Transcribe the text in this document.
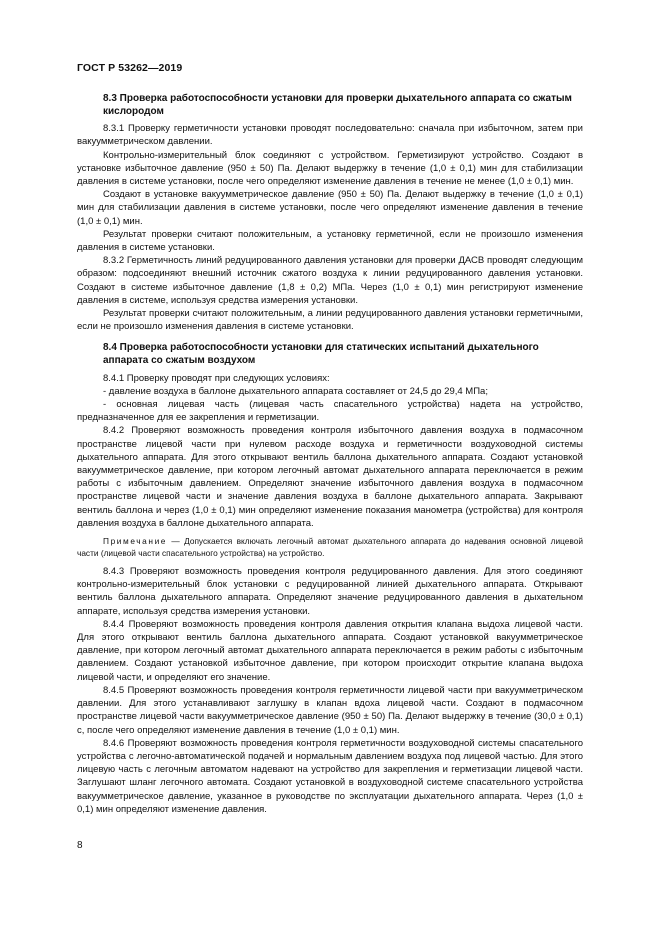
ГОСТ Р 53262—2019

8.3 Проверка работоспособности установки для проверки дыхательного аппарата со сжатым кислородом

8.3.1 Проверку герметичности установки проводят последовательно: сначала при избыточном, затем при вакуумметрическом давлении.

Контрольно-измерительный блок соединяют с устройством. Герметизируют устройство. Создают в установке избыточное давление (950 ± 50) Па. Делают выдержку в течение (1,0 ± 0,1) мин для стабилизации давления в системе установки, после чего определяют изменение давления в течение не менее (1,0 ± 0,1) мин.

Создают в установке вакуумметрическое давление (950 ± 50) Па. Делают выдержку в течение (1,0 ± 0,1) мин для стабилизации давления в системе установки, после чего определяют изменение давления в течение (1,0 ± 0,1) мин.

Результат проверки считают положительным, а установку герметичной, если не произошло изменения давления в системе установки.

8.3.2 Герметичность линий редуцированного давления установки для проверки ДАСВ проводят следующим образом: подсоединяют внешний источник сжатого воздуха к линии редуцированного давления установки. Создают в системе избыточное давление (1,8 ± 0,2) МПа. Через (1,0 ± 0,1) мин регистрируют изменение давления в системе, используя средства измерения установки.

Результат проверки считают положительным, а линии редуцированного давления установки герметичными, если не произошло изменения давления в системе установки.

8.4 Проверка работоспособности установки для статических испытаний дыхательного аппарата со сжатым воздухом

8.4.1 Проверку проводят при следующих условиях:

- давление воздуха в баллоне дыхательного аппарата составляет от 24,5 до 29,4 МПа;

- основная лицевая часть (лицевая часть спасательного устройства) надета на устройство, предназначенное для ее закрепления и герметизации.

8.4.2 Проверяют возможность проведения контроля избыточного давления воздуха в подмасочном пространстве лицевой части при нулевом расходе воздуха и герметичности воздуховодной системы дыхательного аппарата. Для этого открывают вентиль баллона дыхательного аппарата. Создают установкой вакуумметрическое давление, при котором легочный автомат дыхательного аппарата переключается в режим работы с избыточным давлением. Определяют значение избыточного давления воздуха в подмасочном пространстве лицевой части и значение давления воздуха в баллоне дыхательного аппарата. Закрывают вентиль баллона и через (1,0 ± 0,1) мин определяют изменение показания манометра (устройства) для контроля давления воздуха в баллоне дыхательного аппарата.

Примечание — Допускается включать легочный автомат дыхательного аппарата до надевания основной лицевой части (лицевой части спасательного устройства) на устройство.

8.4.3 Проверяют возможность проведения контроля редуцированного давления. Для этого соединяют контрольно-измерительный блок установки с редуцированной линией дыхательного аппарата. Открывают вентиль баллона дыхательного аппарата. Определяют значение редуцированного давления в дыхательном аппарате, используя средства измерения установки.

8.4.4 Проверяют возможность проведения контроля давления открытия клапана выдоха лицевой части. Для этого открывают вентиль баллона дыхательного аппарата. Создают установкой вакуумметрическое давление, при котором легочный автомат дыхательного аппарата переключается в режим работы с избыточным давлением. Создают установкой избыточное давление, при котором происходит открытие клапана выдоха лицевой части, и определяют его значение.

8.4.5 Проверяют возможность проведения контроля герметичности лицевой части при вакуумметрическом давлении. Для этого устанавливают заглушку в клапан вдоха лицевой части. Создают в подмасочном пространстве лицевой части вакуумметрическое давление (950 ± 50) Па. Делают выдержку в течение (30,0 ± 0,1) с, после чего определяют изменение давления в течение (1,0 ± 0,1) мин.

8.4.6 Проверяют возможность проведения контроля герметичности воздуховодной системы спасательного устройства с легочно-автоматической подачей и нормальным давлением воздуха под лицевой частью. Для этого лицевую часть с легочным автоматом надевают на устройство для закрепления и герметизации лицевой части. Заглушают шланг легочного автомата. Создают установкой в воздуховодной системе спасательного устройства вакуумметрическое давление, указанное в руководстве по эксплуатации дыхательного аппарата. Через (1,0 ± 0,1) мин определяют изменение давления.

8
